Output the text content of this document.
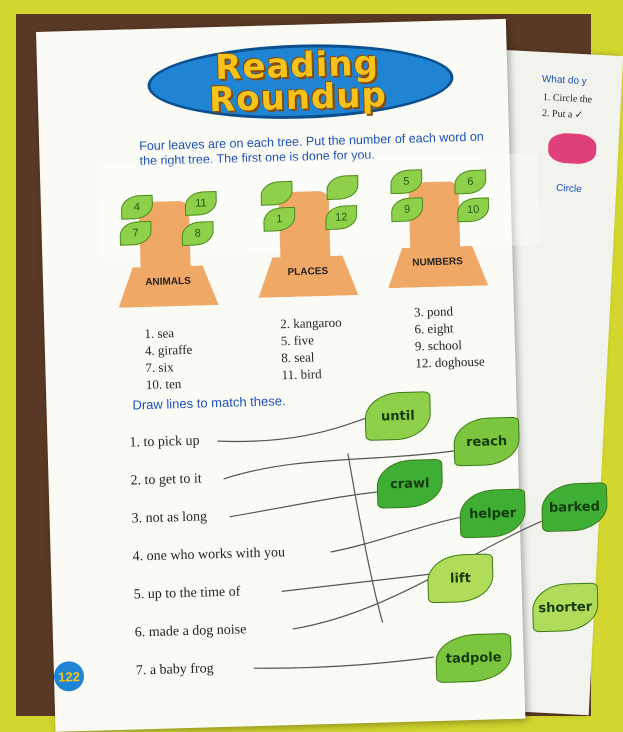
What do y
1. Circle the
2. Put a ✓
Circle
Reading
Roundup
Four leaves are on each tree. Put the number of each word on the right tree. The first one is done for you.
4	11
7	8
ANIMALS
1	12
PLACES
5	6
9	10
NUMBERS
1. sea
4. giraffe
7. six
10. ten
2. kangaroo
5. five
8. seal
11. bird
3. pond
6. eight
9. school
12. doghouse
Draw lines to match these.
1. to pick up
2. to get to it
3. not as long
4. one who works with you
5. up to the time of
6. made a dog noise
7. a baby frog
until
reach
crawl
helper	barked
lift
shorter
tadpole
122
